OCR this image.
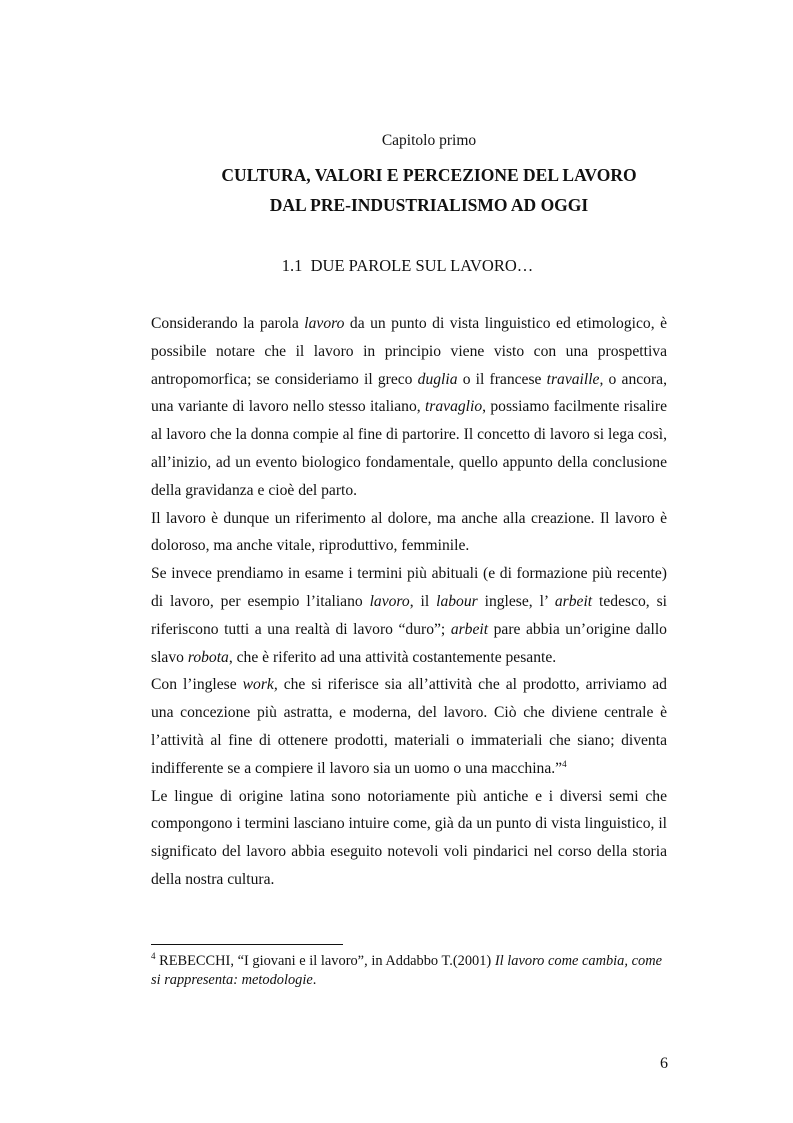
Capitolo primo
CULTURA, VALORI E PERCEZIONE DEL LAVORO
DAL PRE-INDUSTRIALISMO AD OGGI
1.1 DUE PAROLE SUL LAVORO…

Considerando la parola lavoro da un punto di vista linguistico ed etimologico, è possibile notare che il lavoro in principio viene visto con una prospettiva antropomorfica; se consideriamo il greco duglia o il francese travaille, o ancora, una variante di lavoro nello stesso italiano, travaglio, possiamo facilmente risalire al lavoro che la donna compie al fine di partorire. Il concetto di lavoro si lega così, all’inizio, ad un evento biologico fondamentale, quello appunto della conclusione della gravidanza e cioè del parto.

Il lavoro è dunque un riferimento al dolore, ma anche alla creazione. Il lavoro è doloroso, ma anche vitale, riproduttivo, femminile.

Se invece prendiamo in esame i termini più abituali (e di formazione più recente) di lavoro, per esempio l’italiano lavoro, il labour inglese, l’ arbeit tedesco, si riferiscono tutti a una realtà di lavoro “duro”; arbeit pare abbia un’origine dallo slavo robota, che è riferito ad una attività costantemente pesante.

Con l’inglese work, che si riferisce sia all’attività che al prodotto, arriviamo ad una concezione più astratta, e moderna, del lavoro. Ciò che diviene centrale è l’attività al fine di ottenere prodotti, materiali o immateriali che siano; diventa indifferente se a compiere il lavoro sia un uomo o una macchina.”$^4$

Le lingue di origine latina sono notoriamente più antiche e i diversi semi che compongono i termini lasciano intuire come, già da un punto di vista linguistico, il significato del lavoro abbia eseguito notevoli voli pindarici nel corso della storia della nostra cultura.

$^4$ REBECCHI, “I giovani e il lavoro”, in Addabbo T.(2001) Il lavoro come cambia, come si rappresenta: metodologie.
6
